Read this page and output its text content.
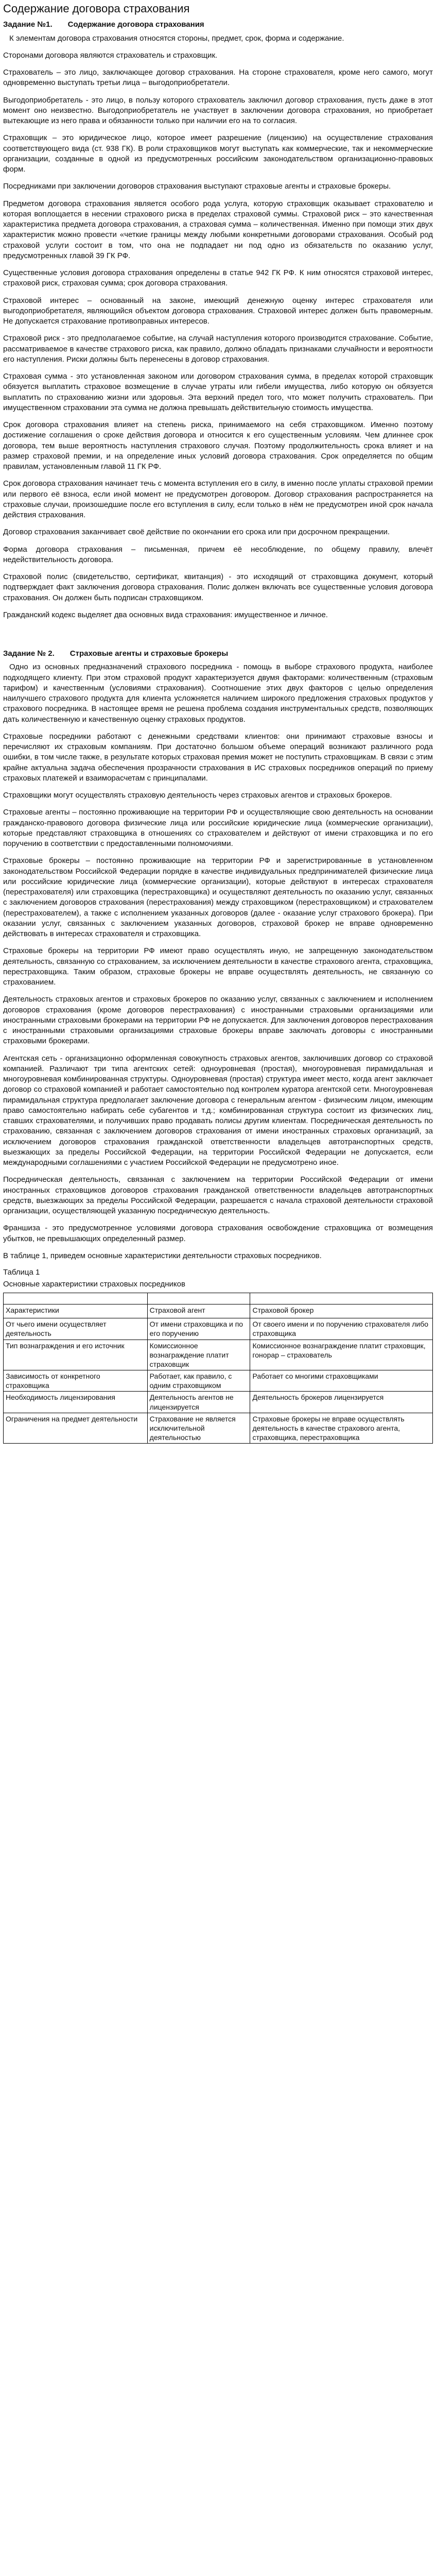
Содержание договора страхования
Задание №1. Содержание договора страхования

К элементам договора страхования относятся стороны, предмет, срок, форма и содержание.

Сторонами договора являются страхователь и страховщик.

Страхователь – это лицо, заключающее договор страхования. На стороне страхователя, кроме него самого, могут одновременно выступать третьи лица – выгодоприобретатели.

Выгодоприобретатель - это лицо, в пользу которого страхователь заключил договор страхования, пусть даже в этот момент оно неизвестно. Выгодоприобретатель не участвует в заключении договора страхования, но приобретает вытекающие из него права и обязанности только при наличии его на то согласия.

Страховщик – это юридическое лицо, которое имеет разрешение (лицензию) на осуществление страхования соответствующего вида (ст. 938 ГК). В роли страховщиков могут выступать как коммерческие, так и некоммерческие организации, созданные в одной из предусмотренных российским законодательством организационно-правовых форм.

Посредниками при заключении договоров страхования выступают страховые агенты и страховые брокеры.

Предметом договора страхования является особого рода услуга, которую страховщик оказывает страхователю и которая воплощается в несении страхового риска в пределах страховой суммы. Страховой риск – это качественная характеристика предмета договора страхования, а страховая сумма – количественная. Именно при помощи этих двух характеристик можно провести «четкие границы между любыми конкретными договорами страхования. Особый род страховой услуги состоит в том, что она не подпадает ни под одно из обязательств по оказанию услуг, предусмотренных главой 39 ГК РФ.

Существенные условия договора страхования определены в статье 942 ГК РФ. К ним относятся страховой интерес, страховой риск, страховая сумма; срок договора страхования.

Страховой интерес – основанный на законе, имеющий денежную оценку интерес страхователя или выгодоприобретателя, являющийся объектом договора страхования. Страховой интерес должен быть правомерным. Не допускается страхование противоправных интересов.

Страховой риск - это предполагаемое событие, на случай наступления которого производится страхование. Событие, рассматриваемое в качестве страхового риска, как правило, должно обладать признаками случайности и вероятности его наступления. Риски должны быть перенесены в договор страхования.

Страховая сумма - это установленная законом или договором страхования сумма, в пределах которой страховщик обязуется выплатить страховое возмещение в случае утраты или гибели имущества, либо которую он обязуется выплатить по страхованию жизни или здоровья. Эта верхний предел того, что может получить страхователь. При имущественном страховании эта сумма не должна превышать действительную стоимость имущества.

Срок договора страхования влияет на степень риска, принимаемого на себя страховщиком. Именно поэтому достижение соглашения о сроке действия договора и относится к его существенным условиям. Чем длиннее срок договора, тем выше вероятность наступления страхового случая. Поэтому продолжительность срока влияет и на размер страховой премии, и на определение иных условий договора страхования. Срок определяется по общим правилам, установленным главой 11 ГК РФ.

Срок договора страхования начинает течь с момента вступления его в силу, в именно после уплаты страховой премии или первого её взноса, если иной момент не предусмотрен договором. Договор страхования распространяется на страховые случаи, произошедшие после его вступления в силу, если только в нём не предусмотрен иной срок начала действия страхования.

Договор страхования заканчивает своё действие по окончании его срока или при досрочном прекращении.

Форма договора страхования – письменная, причем её несоблюдение, по общему правилу, влечёт недействительность договора.

Страховой полис (свидетельство, сертификат, квитанция) - это исходящий от страховщика документ, который подтверждает факт заключения договора страхования. Полис должен включать все существенные условия договора страхования. Он должен быть подписан страховщиком.

Гражданский кодекс выделяет два основных вида страхования: имущественное и личное.

Задание № 2. Страховые агенты и страховые брокеры

Одно из основных предназначений страхового посредника - помощь в выборе страхового продукта, наиболее подходящего клиенту. При этом страховой продукт характеризуется двумя факторами: количественным (страховым тарифом) и качественным (условиями страхования). Соотношение этих двух факторов с целью определения наилучшего страхового продукта для клиента усложняется наличием широкого предложения страховых продуктов у страхового посредника. В настоящее время не решена проблема создания инструментальных средств, позволяющих дать количественную и качественную оценку страховых продуктов.

Страховые посредники работают с денежными средствами клиентов: они принимают страховые взносы и перечисляют их страховым компаниям. При достаточно большом объеме операций возникают различного рода ошибки, в том числе также, в результате которых страховая премия может не поступить страховщикам. В связи с этим крайне актуальна задача обеспечения прозрачности страхования в ИС страховых посредников операций по приему страховых платежей и взаиморасчетам с принципалами.

Страховщики могут осуществлять страховую деятельность через страховых агентов и страховых брокеров.

Страховые агенты – постоянно проживающие на территории РФ и осуществляющие свою деятельность на основании гражданско-правового договора физические лица или российские юридические лица (коммерческие организации), которые представляют страховщика в отношениях со страхователем и действуют от имени страховщика и по его поручению в соответствии с предоставленными полномочиями.

Страховые брокеры – постоянно проживающие на территории РФ и зарегистрированные в установленном законодательством Российской Федерации порядке в качестве индивидуальных предпринимателей физические лица или российские юридические лица (коммерческие организации), которые действуют в интересах страхователя (перестрахователя) или страховщика (перестраховщика) и осуществляют деятельность по оказанию услуг, связанных с заключением договоров страхования (перестрахования) между страховщиком (перестраховщиком) и страхователем (перестрахователем), а также с исполнением указанных договоров (далее - оказание услуг страхового брокера). При оказании услуг, связанных с заключением указанных договоров, страховой брокер не вправе одновременно действовать в интересах страхователя и страховщика.

Страховые брокеры на территории РФ имеют право осуществлять иную, не запрещенную законодательством деятельность, связанную со страхованием, за исключением деятельности в качестве страхового агента, страховщика, перестраховщика. Таким образом, страховые брокеры не вправе осуществлять деятельность, не связанную со страхованием.

Деятельность страховых агентов и страховых брокеров по оказанию услуг, связанных с заключением и исполнением договоров страхования (кроме договоров перестрахования) с иностранными страховыми организациями или иностранными страховыми брокерами на территории РФ не допускается. Для заключения договоров перестрахования с иностранными страховыми организациями страховые брокеры вправе заключать договоры с иностранными страховыми брокерами.

Агентская сеть - организационно оформленная совокупность страховых агентов, заключивших договор со страховой компанией. Различают три типа агентских сетей: одноуровневая (простая), многоуровневая пирамидальная и многоуровневая комбинированная структуры. Одноуровневая (простая) структура имеет место, когда агент заключает договор со страховой компанией и работает самостоятельно под контролем куратора агентской сети. Многоуровневая пирамидальная структура предполагает заключение договора с генеральным агентом - физическим лицом, имеющим право самостоятельно набирать себе субагентов и т.д.; комбинированная структура состоит из физических лиц, ставших страхователями, и получивших право продавать полисы другим клиентам. Посредническая деятельность по страхованию, связанная с заключением договоров страхования от имени иностранных страховых организаций, за исключением договоров страхования гражданской ответственности владельцев автотранспортных средств, выезжающих за пределы Российской Федерации, на территории Российской Федерации не допускается, если международными соглашениями с участием Российской Федерации не предусмотрено иное.

Посредническая деятельность, связанная с заключением на территории Российской Федерации от имени иностранных страховщиков договоров страхования гражданской ответственности владельцев автотранспортных средств, выезжающих за пределы Российской Федерации, разрешается с начала страховой деятельности страховой организации, осуществляющей указанную посредническую деятельность.

Франшиза - это предусмотренное условиями договора страхования освобождение страховщика от возмещения убытков, не превышающих определенный размер.

В таблице 1, приведем основные характеристики деятельности страховых посредников.

Таблица 1
Основные характеристики страховых посредников

Характеристики	Страховой агент	Страховой брокер
От чьего имени осуществляет деятельность	От имени страховщика и по его поручению	От своего имени и по поручению страхователя либо страховщика
Тип вознаграждения и его источник	Комиссионное вознаграждение платит страховщик	Комиссионное вознаграждение платит страховщик, гонорар – страхователь
Зависимость от конкретного страховщика	Работает, как правило, с одним страховщиком	Работает со многими страховщиками
Необходимость лицензирования	Деятельность агентов не лицензируется	Деятельность брокеров лицензируется
Ограничения на предмет деятельности	Страхование не является исключительной деятельностью	Страховые брокеры не вправе осуществлять деятельность в качестве страхового агента, страховщика, перестраховщика
